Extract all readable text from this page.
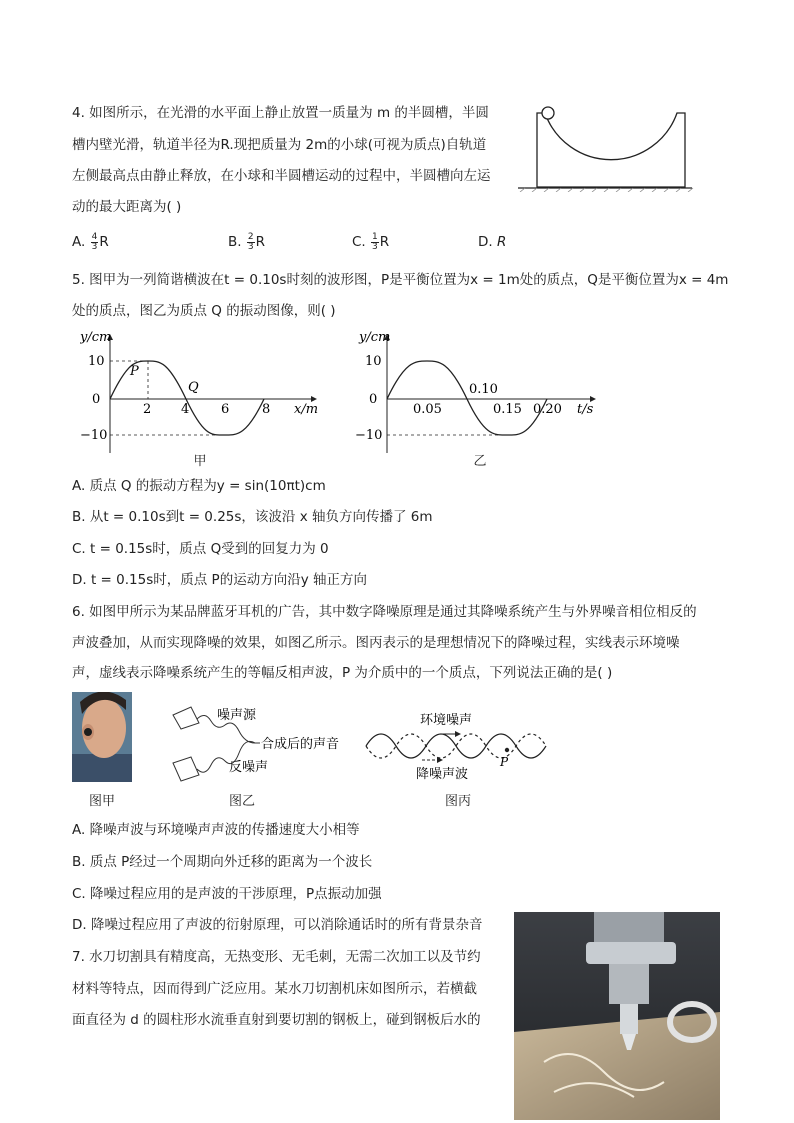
4. 如图所示，在光滑的水平面上静止放置一质量为 m 的半圆槽，半圆
槽内壁光滑，轨道半径为R.现把质量为 2m的小球(可视为质点)自轨道
左侧最高点由静止释放，在小球和半圆槽运动的过程中，半圆槽向左运
动的最大距离为( )
A. $\frac{4}{3}$ R	B. $\frac{2}{3}$ R	C. $\frac{1}{3}$ R	D. R
5. 图甲为一列简谐横波在t = 0.10s时刻的波形图，P是平衡位置为x = 1m处的质点，Q是平衡位置为x = 4m
处的质点，图乙为质点 Q 的振动图像，则( )
y/cm
10
0
−10
2 4 6	8 x/m
P
Q
甲
y/cm
10
0
−10
0.05
0.10
0.15 0.20 t/s
乙
A. 质点 Q 的振动方程为y = sin(10πt)cm
B. 从t = 0.10s到t = 0.25s，该波沿 x 轴负方向传播了 6m
C. t = 0.15s时，质点 Q受到的回复力为 0
D. t = 0.15s时，质点 P的运动方向沿y 轴正方向
6. 如图甲所示为某品牌蓝牙耳机的广告，其中数字降噪原理是通过其降噪系统产生与外界噪音相位相反的
声波叠加，从而实现降噪的效果，如图乙所示。图丙表示的是理想情况下的降噪过程，实线表示环境噪
声，虚线表示降噪系统产生的等幅反相声波，P 为介质中的一个质点，下列说法正确的是( )
图甲
噪声源
合成后的声音
反噪声
图乙
环境噪声
降噪声波
P
图丙
A. 降噪声波与环境噪声声波的传播速度大小相等
B. 质点 P经过一个周期向外迁移的距离为一个波长
C. 降噪过程应用的是声波的干涉原理，P点振动加强
D. 降噪过程应用了声波的衍射原理，可以消除通话时的所有背景杂音
7. 水刀切割具有精度高，无热变形、无毛刺，无需二次加工以及节约
材料等特点，因而得到广泛应用。某水刀切割机床如图所示，若横截
面直径为 d 的圆柱形水流垂直射到要切割的钢板上，碰到钢板后水的
